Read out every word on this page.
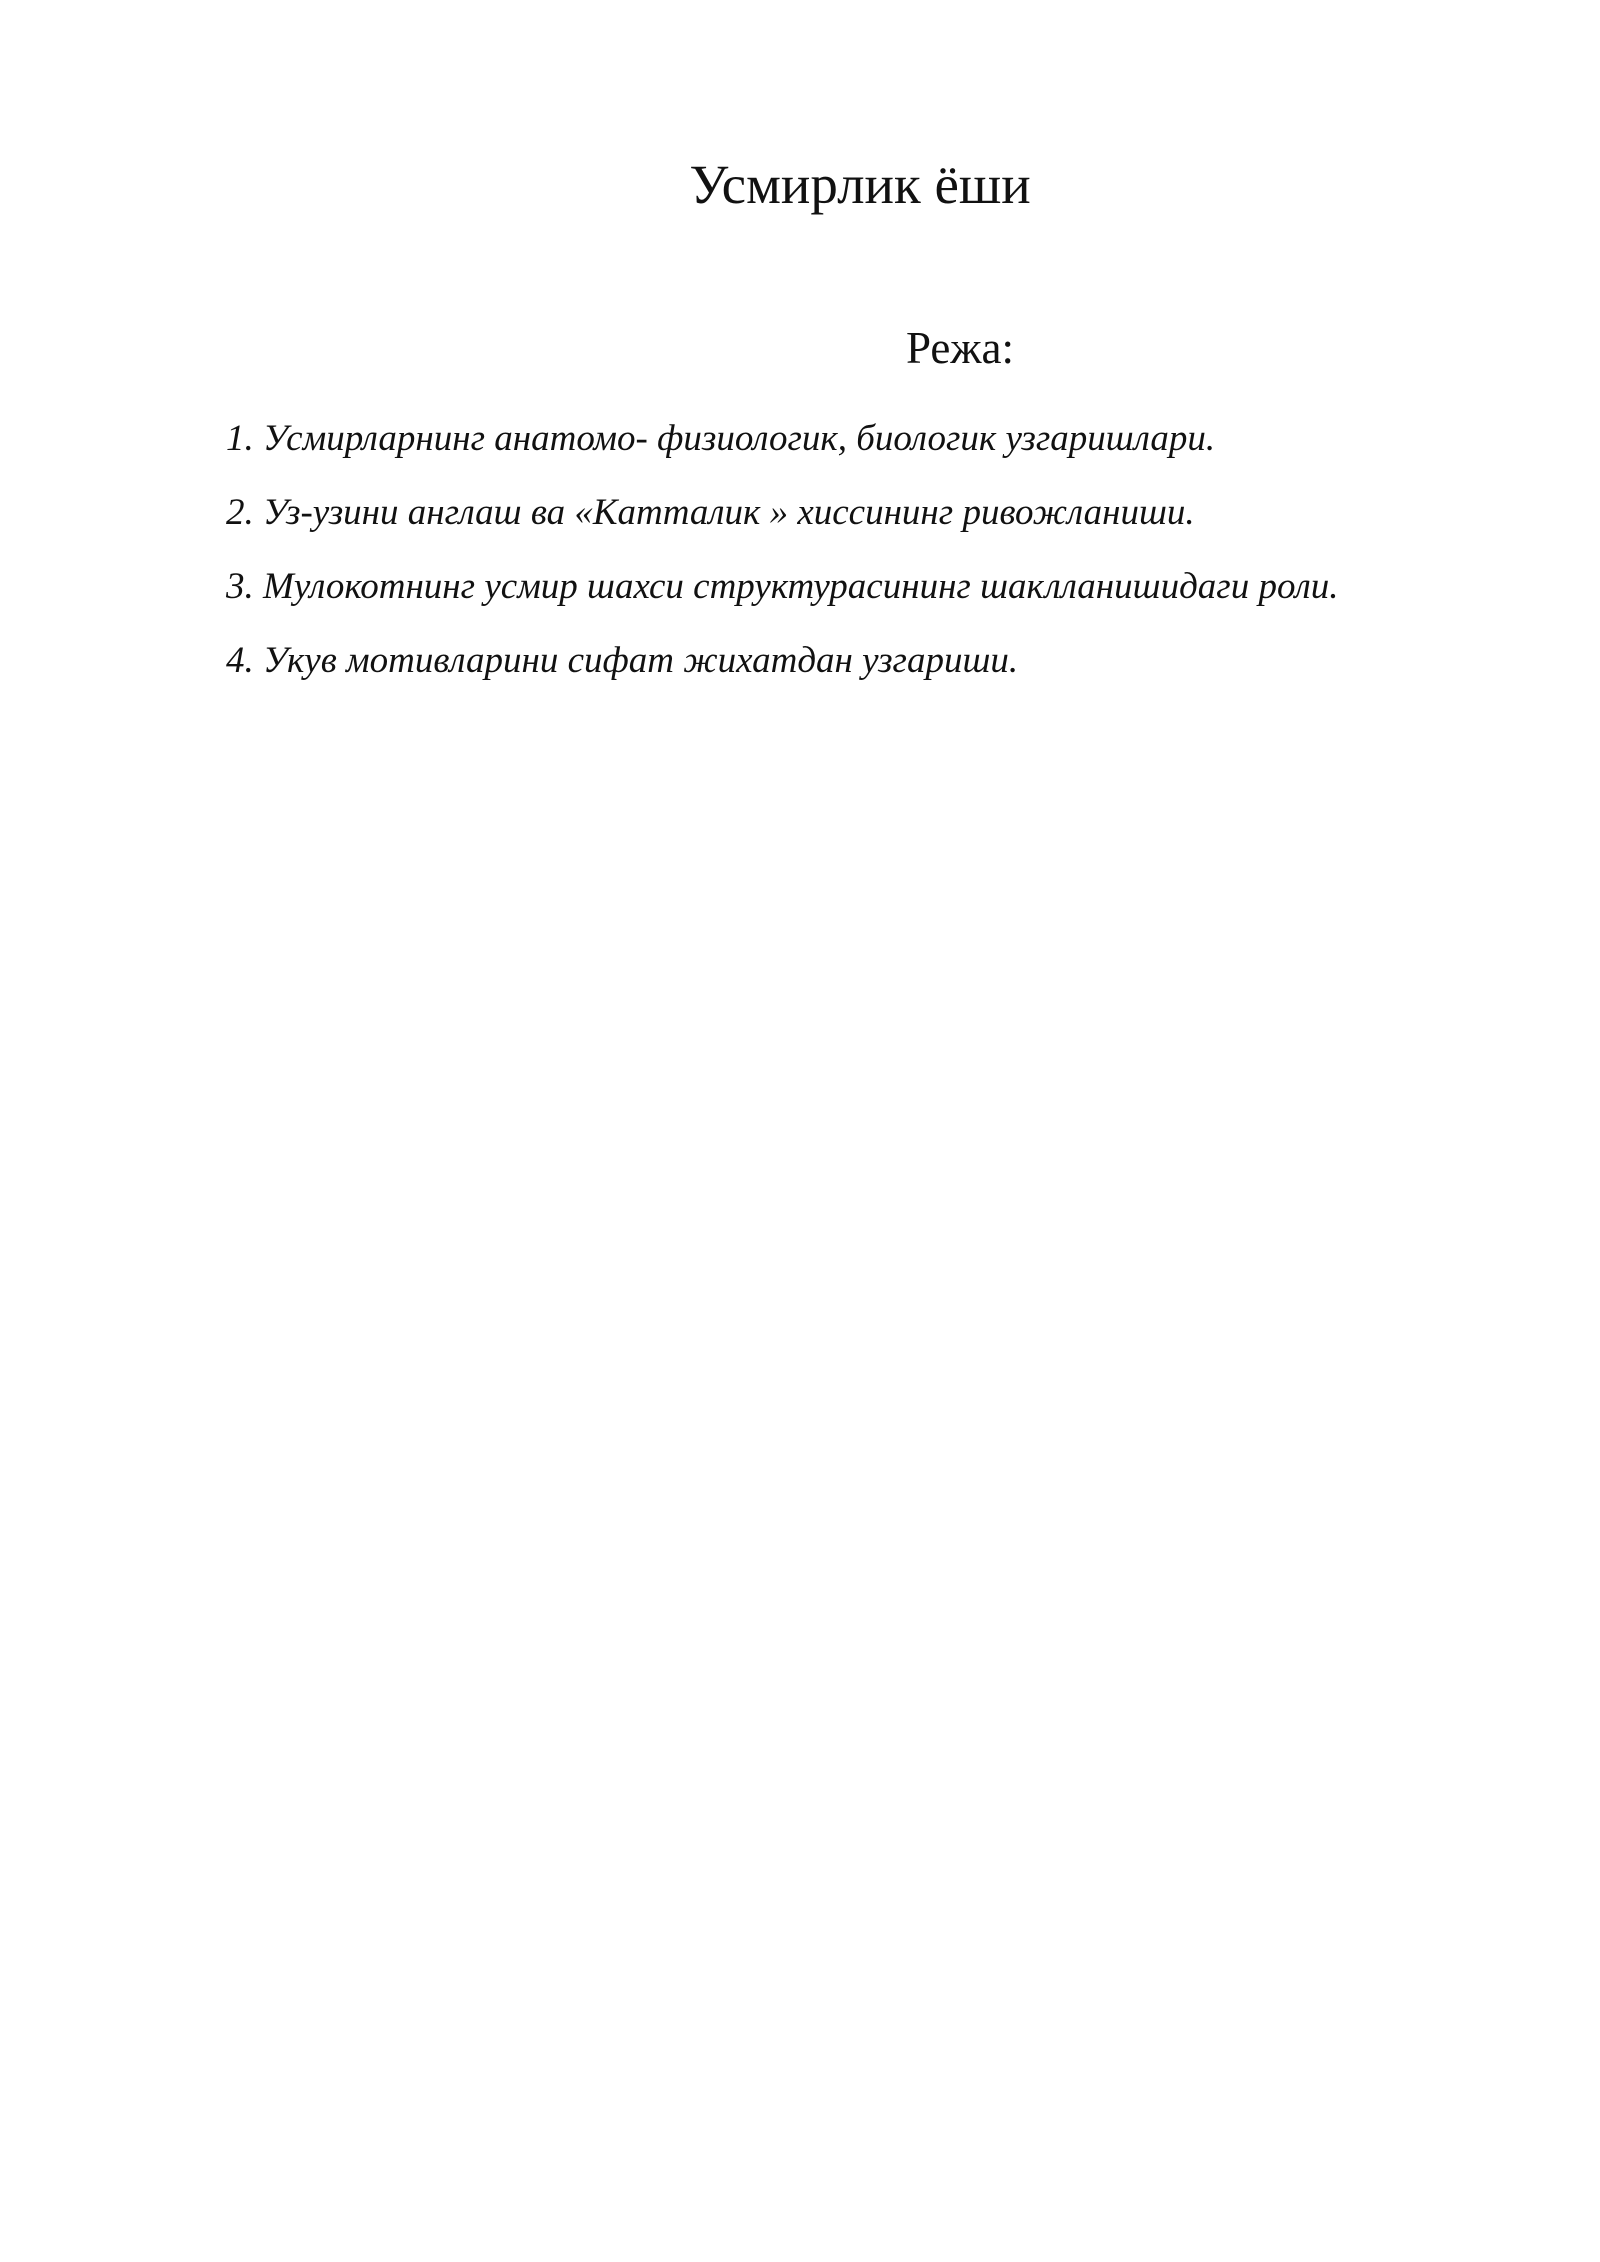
Усмирлик ёши

Режа:

1. Усмирларнинг анатомо- физиологик, биологик узгаришлари.
2. Уз-узини англаш ва «Катталик » хиссининг ривожланиши.
3. Мулокотнинг усмир шахси структурасининг шаклланишидаги роли.
4. Укув мотивларини сифат жихатдан узгариши.
